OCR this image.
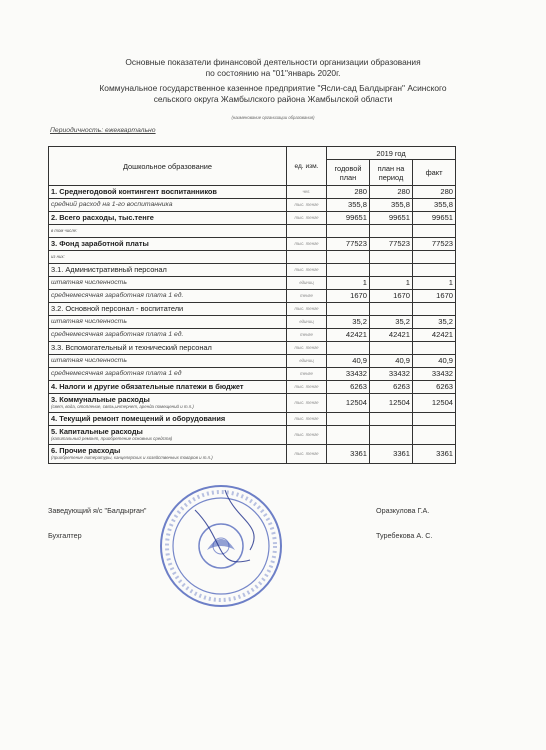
Основные показатели финансовой деятельности организации образования
по состоянию на "01"январь 2020г.
Коммунальное государственное казенное предприятие "Ясли-сад Балдырған" Асинского
сельского округа Жамбылского района Жамбылской области
(наименование организации образования)
Периодичность: ежеквартально
Дошкольное образование	ед. изм.	2019 год		
		годовой план	план на период	факт
1. Среднегодовой контингент воспитанников	чел.	280	280	280
средний расход на 1-го воспитанника	тыс. тенге	355,8	355,8	355,8
2. Всего расходы, тыс.тенге	тыс. тенге	99651	99651	99651
в том числе:				
3. Фонд заработной платы	тыс. тенге	77523	77523	77523
из них:				
3.1. Административный персонал	тыс. тенге			
штатная численность	единиц	1	1	1
среднемесячная заработная плата 1 ед.	тенге	1670	1670	1670
3.2. Основной персонал - воспитатели	тыс. тенге			
штатная численность	единиц	35,2	35,2	35,2
среднемесячная заработная плата 1 ед.	тенге	42421	42421	42421
3.3. Вспомогательный и технический персонал	тыс. тенге			
штатная численность	единиц	40,9	40,9	40,9
среднемесячная заработная плата 1 ед	тенге	33432	33432	33432
4. Налоги и другие обязательные платежи в бюджет	тыс. тенге	6263	6263	6263
3. Коммунальные расходы
(свет, вода, отопление, связь,интернет, аренда помещений и т.п.)	тыс. тенге	12504	12504	12504
4. Текущий ремонт помещений и оборудования	тыс. тенге			
5. Капитальные расходы
(капитальный ремонт, приобретение основных средств)	тыс. тенге			
6. Прочие расходы
(приобретение литературы, канцелярских и хозяйственных товаров и т.п.)	тыс. тенге	3361	3361	3361
Заведующий я/с "Балдырған"	Оразкулова Г.А.
Бухгалтер	Туребекова А. С.
